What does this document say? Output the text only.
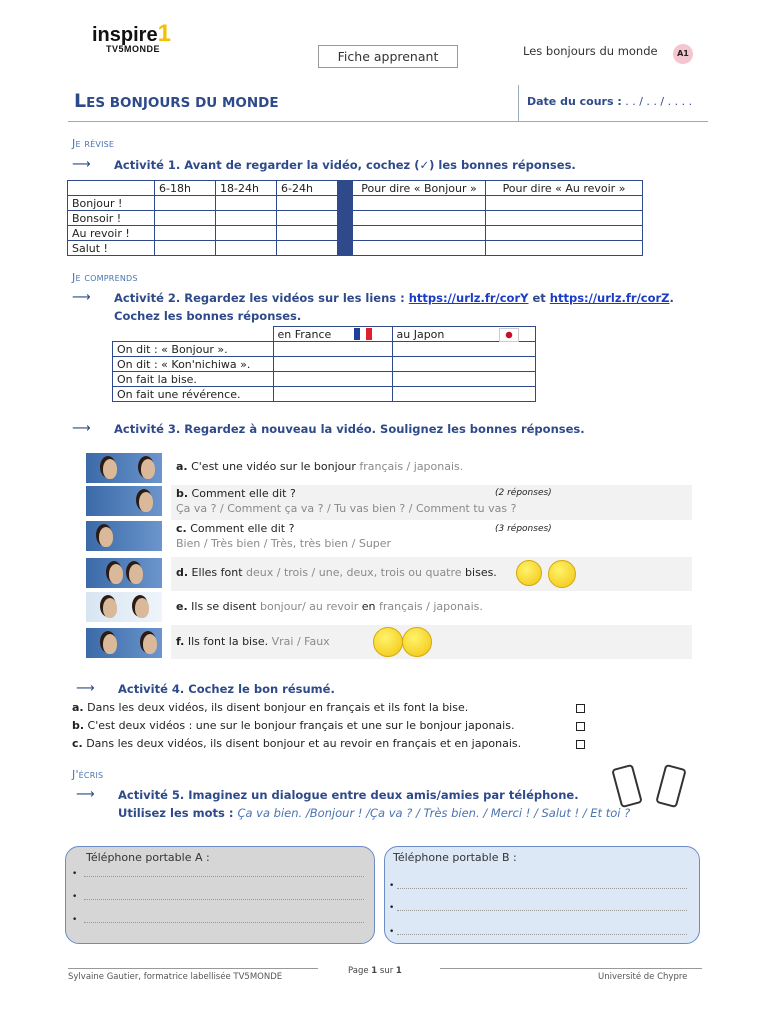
inspire1
TV5MONDE	Fiche apprenant	Les bonjours du monde	A1
LES BONJOURS DU MONDE	Date du cours : . . / . . / . . . .
Je révise
⟶ Activité 1. Avant de regarder la vidéo, cochez (✓) les bonnes réponses.
	6-18h	18-24h	6-24h		Pour dire « Bonjour »	Pour dire « Au revoir »
Bonjour !						
Bonsoir !						
Au revoir !						
Salut !						
Je comprends
⟶ Activité 2. Regardez les vidéos sur les liens : https://urlz.fr/corY et https://urlz.fr/corZ.
Cochez les bonnes réponses.
	en France	au Japon

On dit : « Bonjour ».		
On dit : « Kon'nichiwa ».		
On fait la bise.		
On fait une révérence.		
⟶ Activité 3. Regardez à nouveau la vidéo. Soulignez les bonnes réponses.
a. C'est une vidéo sur le bonjour français / japonais.
b. Comment elle dit ?
Ça va ? / Comment ça va ? / Tu vas bien ? / Comment tu vas ?
(2 réponses)
c. Comment elle dit ?
Bien / Très bien / Très, très bien / Super
(3 réponses)
d. Elles font deux / trois / une, deux, trois ou quatre bises.
e. Ils se disent bonjour/ au revoir en français / japonais.
f. Ils font la bise. Vrai / Faux
⟶ Activité 4. Cochez le bon résumé.
a. Dans les deux vidéos, ils disent bonjour en français et ils font la bise.
b. C'est deux vidéos : une sur le bonjour français et une sur le bonjour japonais.
c. Dans les deux vidéos, ils disent bonjour et au revoir en français et en japonais.
J'écris
⟶ Activité 5. Imaginez un dialogue entre deux amis/amies par téléphone.
Utilisez les mots : Ça va bien. /Bonjour ! /Ça va ? / Très bien. / Merci ! / Salut ! / Et toi ?
Téléphone portable A :
•
•
•
Téléphone portable B :
•
•
•
Sylvaine Gautier, formatrice labellisée TV5MONDE
Page 1 sur 1
Université de Chypre
